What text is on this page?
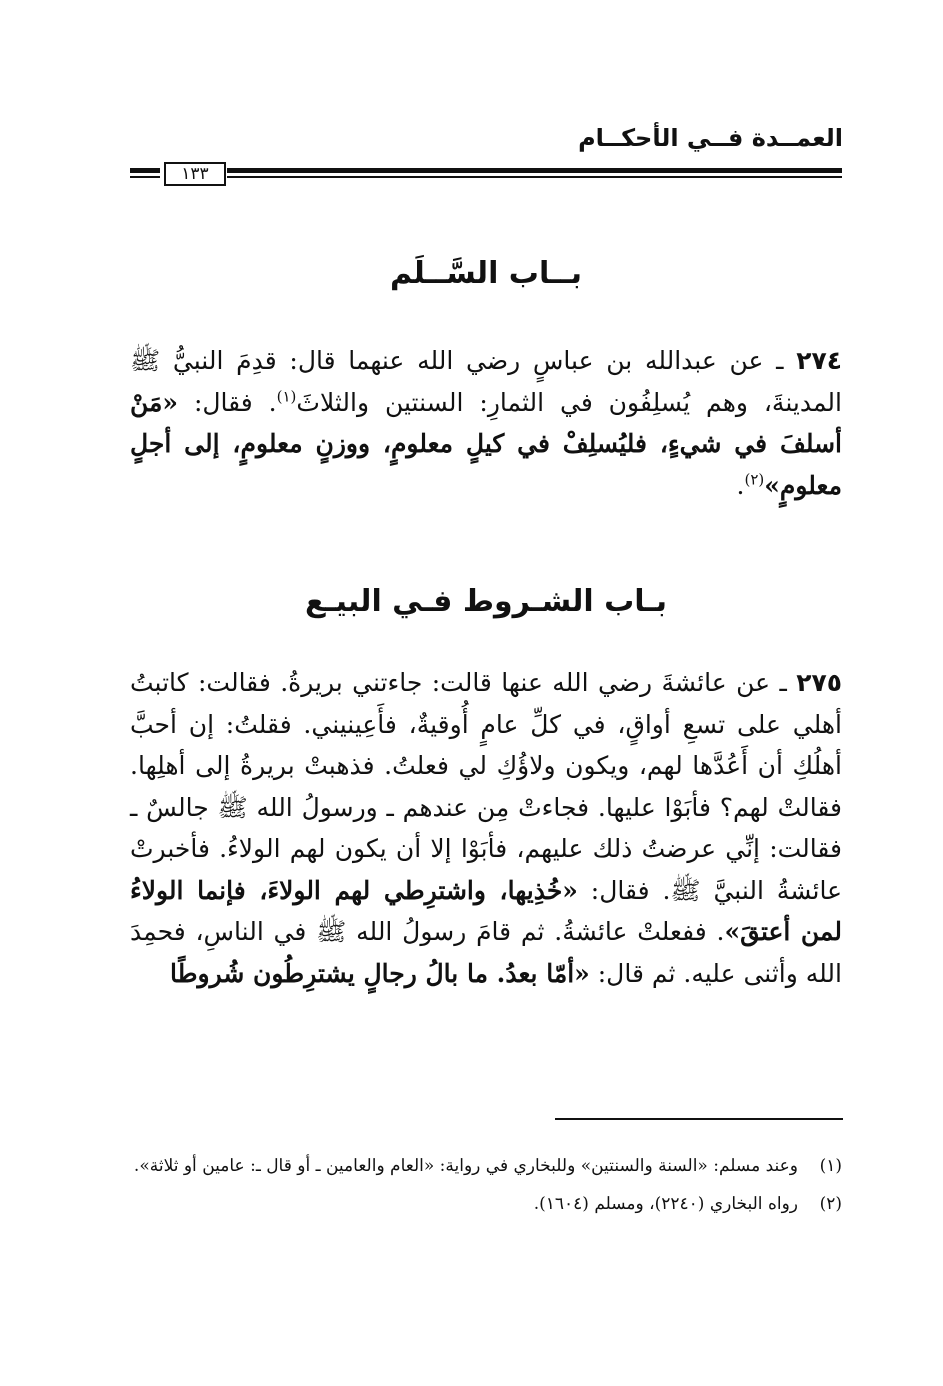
العمــدة فــي الأحكــام
١٣٣
بــاب السَّــلَم

٢٧٤ ـ عن عبدالله بن عباسٍ رضي الله عنهما قال: قدِمَ النبيُّ ﷺ المدينةَ، وهم يُسلِفُون في الثمارِ: السنتين والثلاثَ$^{(١)}$. فقال: «مَنْ أسلفَ في شيءٍ، فليُسلِفْ في كيلٍ معلومٍ، ووزنٍ معلومٍ، إلى أجلٍ معلومٍ»$^{(٢)}$.

بـاب الشـروط فـي البيـع

٢٧٥ ـ عن عائشةَ رضي الله عنها قالت: جاءتني بريرةُ. فقالت: كاتبتُ أهلي على تسعِ أواقٍ، في كلِّ عامٍ أُوقيةٌ، فأَعِينيني. فقلتُ: إن أحبَّ أهلُكِ أن أَعُدَّها لهم، ويكون ولاؤُكِ لي فعلتُ. فذهبتْ بريرةُ إلى أهلِها. فقالتْ لهم؟ فأبَوْا عليها. فجاءتْ مِن عندهم ـ ورسولُ الله ﷺ جالسٌ ـ فقالت: إنِّي عرضتُ ذلك عليهم، فأبَوْا إلا أن يكون لهم الولاءُ. فأخبرتْ عائشةُ النبيَّ ﷺ. فقال: «خُذِيها، واشترِطي لهم الولاءَ، فإنما الولاءُ لمن أعتقَ». ففعلتْ عائشةُ. ثم قامَ رسولُ الله ﷺ في الناسِ، فحمِدَ الله وأثنى عليه. ثم قال: «أمّا بعدُ. ما بالُ رجالٍ يشترِطُون شُروطًا

(١)
وعند مسلم: «السنة والسنتين» وللبخاري في رواية: «العام والعامين ـ أو قال ـ: عامين أو ثلاثة».
(٢)
رواه البخاري (٢٢٤٠)، ومسلم (١٦٠٤).
